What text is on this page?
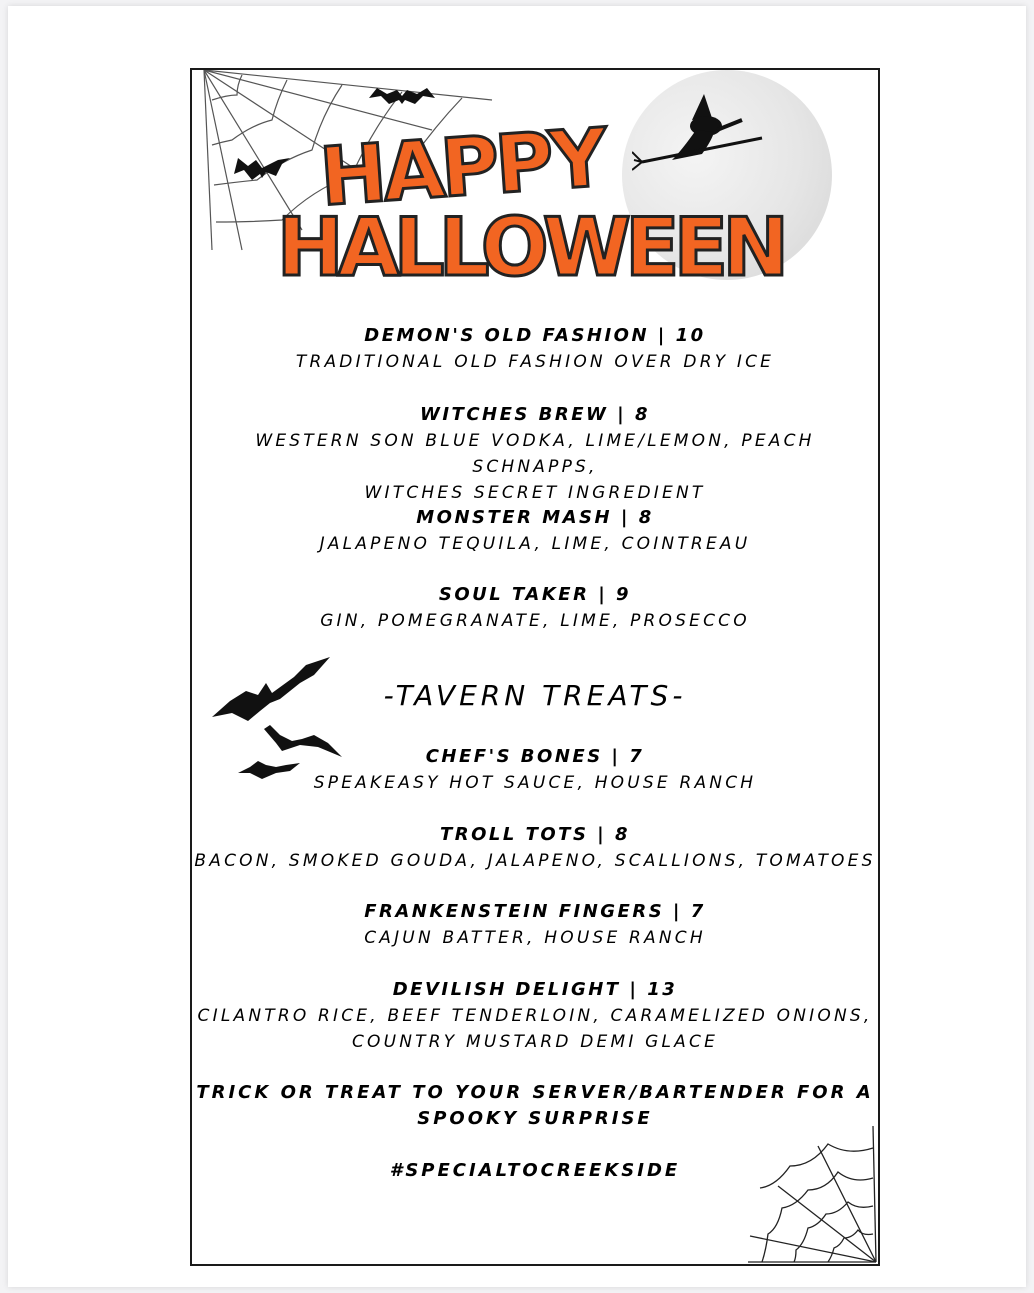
HAPPY
HALLOWEEN
DEMON'S OLD FASHION | 10
TRADITIONAL OLD FASHION OVER DRY ICE
WITCHES BREW | 8
WESTERN SON BLUE VODKA, LIME/LEMON, PEACH SCHNAPPS,
WITCHES SECRET INGREDIENT
MONSTER MASH | 8
JALAPENO TEQUILA, LIME, COINTREAU
SOUL TAKER | 9
GIN, POMEGRANATE, LIME, PROSECCO
-TAVERN TREATS-
CHEF'S BONES | 7
SPEAKEASY HOT SAUCE, HOUSE RANCH
TROLL TOTS | 8
BACON, SMOKED GOUDA, JALAPENO, SCALLIONS, TOMATOES
FRANKENSTEIN FINGERS | 7
CAJUN BATTER, HOUSE RANCH
DEVILISH DELIGHT | 13
CILANTRO RICE, BEEF TENDERLOIN, CARAMELIZED ONIONS,
COUNTRY MUSTARD DEMI GLACE
TRICK OR TREAT TO YOUR SERVER/BARTENDER FOR A
SPOOKY SURPRISE
#SPECIALTOCREEKSIDE
